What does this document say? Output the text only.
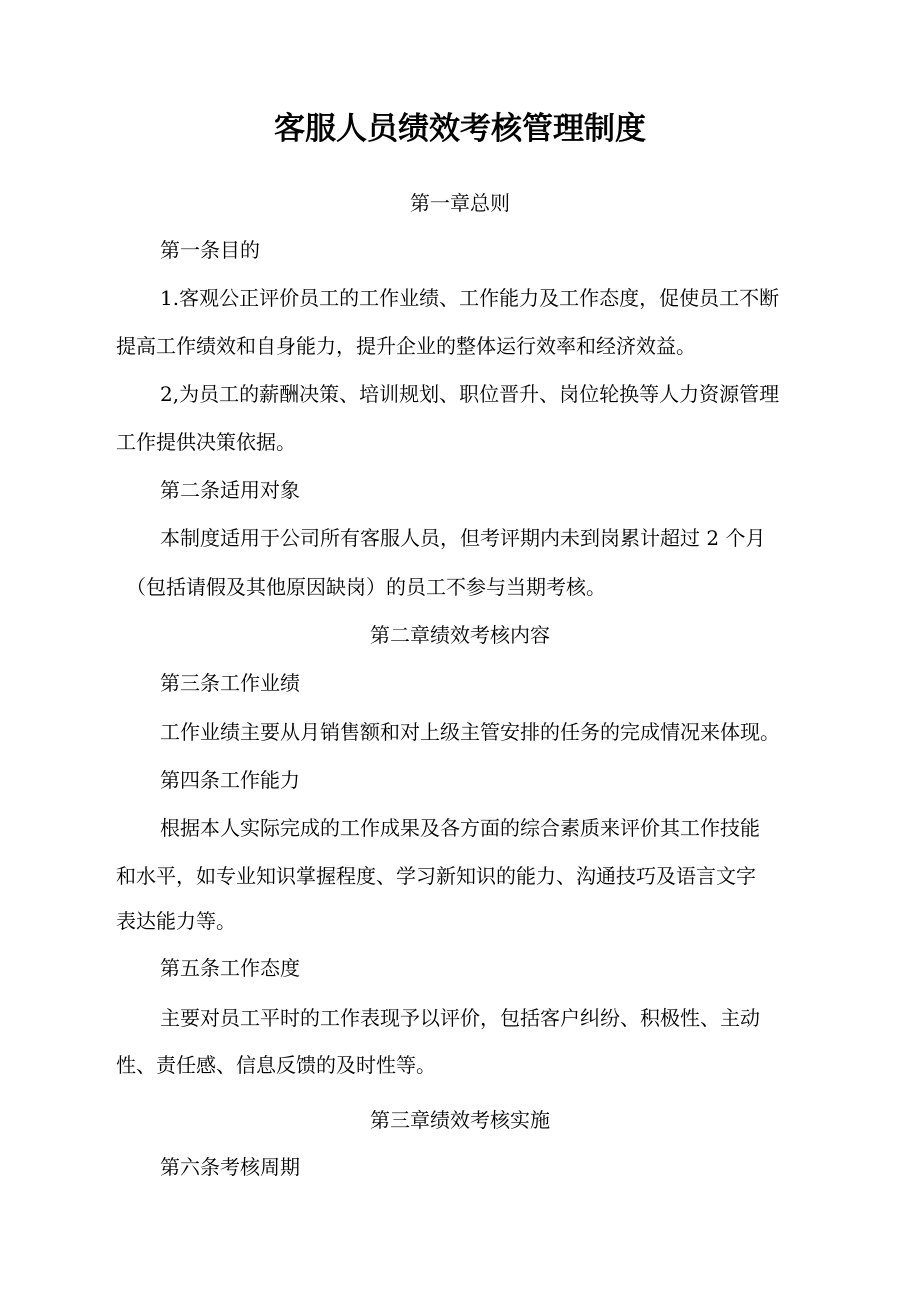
客服人员绩效考核管理制度

第一章总则

第一条目的

1.客观公正评价员工的工作业绩、工作能力及工作态度，促使员工不断

提高工作绩效和自身能力，提升企业的整体运行效率和经济效益。

2,为员工的薪酬决策、培训规划、职位晋升、岗位轮换等人力资源管理

工作提供决策依据。

第二条适用对象

本制度适用于公司所有客服人员，但考评期内未到岗累计超过 2 个月

（包括请假及其他原因缺岗）的员工不参与当期考核。

第二章绩效考核内容

第三条工作业绩

工作业绩主要从月销售额和对上级主管安排的任务的完成情况来体现。

第四条工作能力

根据本人实际完成的工作成果及各方面的综合素质来评价其工作技能

和水平，如专业知识掌握程度、学习新知识的能力、沟通技巧及语言文字

表达能力等。

第五条工作态度

主要对员工平时的工作表现予以评价，包括客户纠纷、积极性、主动

性、责任感、信息反馈的及时性等。

第三章绩效考核实施

第六条考核周期
